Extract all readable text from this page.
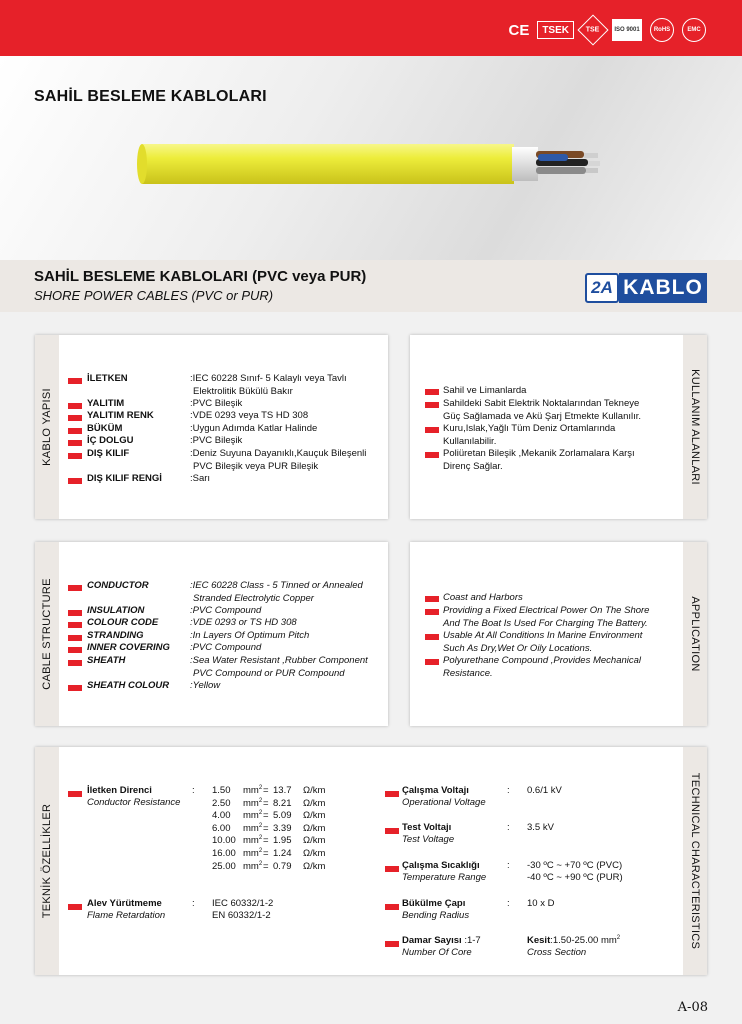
CE	TSEK	TSE ISO 9001 RoHS	EMC
SAHİL BESLEME KABLOLARI
SAHİL BESLEME KABLOLARI (PVC veya PUR)
SHORE POWER CABLES (PVC or PUR)	2A KABLO
KABLO YAPISI
İLETKEN	:IEC 60228 Sınıf- 5 Kalaylı veya Tavlı
Elektrolitik Bükülü Bakır
YALITIM	:PVC Bileşik
YALITIM RENK	:VDE 0293 veya TS HD 308
BÜKÜM	:Uygun Adımda Katlar Halinde
İÇ DOLGU	:PVC Bileşik
DIŞ KILIF	:Deniz Suyuna Dayanıklı,Kauçuk Bileşenli
PVC Bileşik veya PUR Bileşik
DIŞ KILIF RENGİ	:Sarı	KULLANIM ALANLARI
Sahil ve Limanlarda
Sahildeki Sabit Elektrik Noktalarından Tekneye
Güç Sağlamada ve Akü Şarj Etmekte Kullanılır.
Kuru,Islak,Yağlı Tüm Deniz Ortamlarında
Kullanılabilir.
Poliüretan Bileşik ,Mekanik Zorlamalara Karşı
Direnç Sağlar.
CABLE STRUCTURE	CONDUCTOR	:IEC 60228 Class - 5 Tinned or Annealed
Stranded Electrolytic Copper
INSULATION	:PVC Compound
COLOUR CODE	:VDE 0293 or TS HD 308
STRANDING	:In Layers Of Optimum Pitch
INNER COVERING :PVC Compound
SHEATH	:Sea Water Resistant ,Rubber Component
PVC Compound or PUR Compound
SHEATH COLOUR :Yellow
APPLICATION
Coast and Harbors
Providing a Fixed Electrical Power On The Shore
And The Boat Is Used For Charging The Battery.
Usable At All Conditions In Marine Environment
Such As Dry,Wet Or Oily Locations.
Polyurethane Compound ,Provides Mechanical
Resistance.
TEKNİK ÖZELLİKLER	TECHNICAL CHARACTERISTICS
İletken Direnci
Conductor Resistance
: 1.50 $mm^2 = 13.7$ Ω/km
2.50 $mm^2 = 8.21$ Ω/km
4.00 $mm^2 = 5.09$ Ω/km
6.00 $mm^2 = 3.39$ Ω/km
10.00 $mm^2 = 1.95$ Ω/km
16.00 $mm^2 = 1.24$ Ω/km
25.00 $mm^2 = 0.79$ Ω/km
Alev Yürütmeme
Flame Retardation
: IEC 60332/1-2
EN 60332/1-2
Çalışma Voltajı
Operational Voltage
: 0.6/1 kV
Test Voltajı
Test Voltage
: 3.5 kV
Çalışma Sıcaklığı
Temperature Range
: -30 ºC ~ +70 ºC (PVC)
-40 ºC ~ +90 ºC (PUR)
Bükülme Çapı
Bending Radius
: 10 x D
Damar Sayısı :1-7
Number Of Core
Kesit:1.50-25.00 $mm^2$
Cross Section
A-08
